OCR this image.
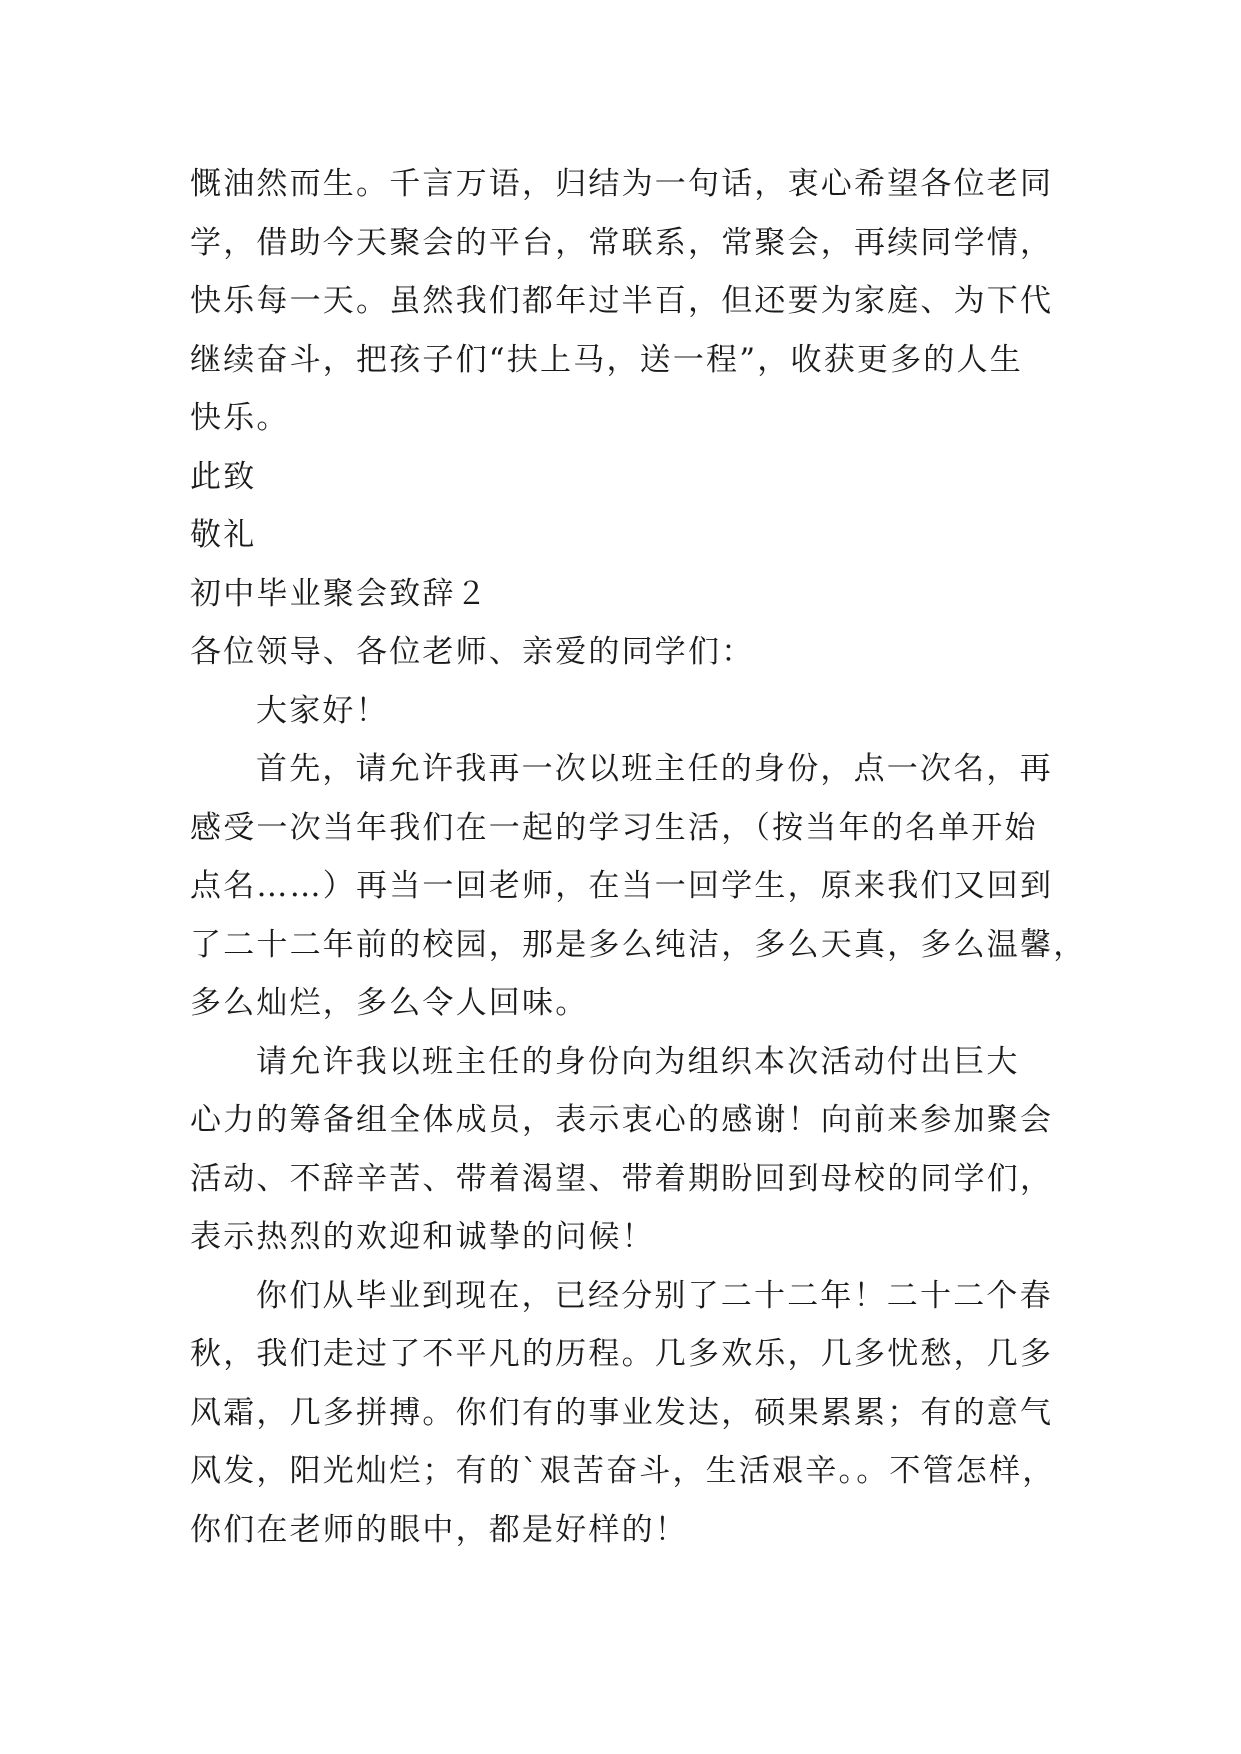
慨油然而生。千言万语，归结为一句话，衷心希望各位老同

学，借助今天聚会的平台，常联系，常聚会，再续同学情，

快乐每一天。虽然我们都年过半百，但还要为家庭、为下代

继续奋斗，把孩子们“扶上马，送一程”，收获更多的人生

快乐。

此致

敬礼

初中毕业聚会致辞２

各位领导、各位老师、亲爱的同学们：

大家好！

首先，请允许我再一次以班主任的身份，点一次名，再

感受一次当年我们在一起的学习生活，（按当年的名单开始

点名……）再当一回老师，在当一回学生，原来我们又回到

了二十二年前的校园，那是多么纯洁，多么天真，多么温馨，

多么灿烂，多么令人回味。

请允许我以班主任的身份向为组织本次活动付出巨大

心力的筹备组全体成员，表示衷心的感谢！向前来参加聚会

活动、不辞辛苦、带着渴望、带着期盼回到母校的同学们，

表示热烈的欢迎和诚挚的问候！

你们从毕业到现在，已经分别了二十二年！二十二个春

秋，我们走过了不平凡的历程。几多欢乐，几多忧愁，几多

风霜，几多拼搏。你们有的事业发达，硕果累累；有的意气

风发，阳光灿烂；有的`艰苦奋斗，生活艰辛。。不管怎样，

你们在老师的眼中，都是好样的！
